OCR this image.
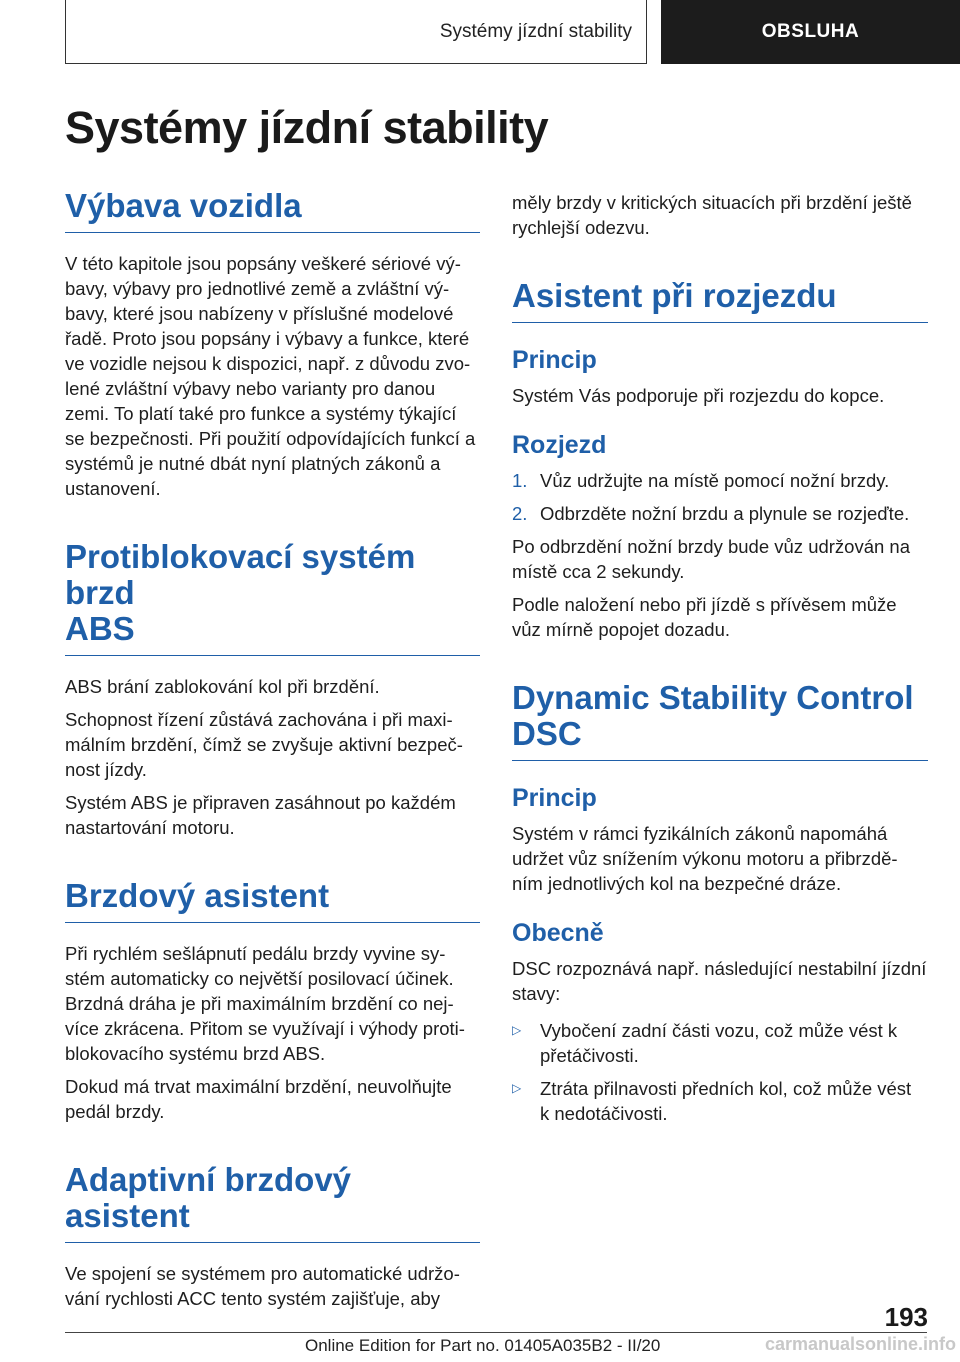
Systémy jízdní stability	OBSLUHA
Systémy jízdní stability
Výbava vozidla

V této kapitole jsou popsány veškeré sériové vý‐

bavy, výbavy pro jednotlivé země a zvláštní vý‐

bavy, které jsou nabízeny v příslušné modelové

řadě. Proto jsou popsány i výbavy a funkce, které

ve vozidle nejsou k dispozici, např. z důvodu zvo‐

lené zvláštní výbavy nebo varianty pro danou

zemi. To platí také pro funkce a systémy týkající

se bezpečnosti. Při použití odpovídajících funkcí a

systémů je nutné dbát nyní platných zákonů a

ustanovení.

Protiblokovací systém brzd
ABS

ABS brání zablokování kol při brzdění.

Schopnost řízení zůstává zachována i při maxi‐

málním brzdění, čímž se zvyšuje aktivní bezpeč‐

nost jízdy.

Systém ABS je připraven zasáhnout po každém

nastartování motoru.

Brzdový asistent

Při rychlém sešlápnutí pedálu brzdy vyvine sy‐

stém automaticky co největší posilovací účinek.

Brzdná dráha je při maximálním brzdění co nej‐

více zkrácena. Přitom se využívají i výhody proti‐

blokovacího systému brzd ABS.

Dokud má trvat maximální brzdění, neuvolňujte

pedál brzdy.

Adaptivní brzdový asistent

Ve spojení se systémem pro automatické udržo‐

vání rychlosti ACC tento systém zajišťuje, aby

měly brzdy v kritických situacích při brzdění ještě

rychlejší odezvu.

Asistent při rozjezdu
Princip

Systém Vás podporuje při rozjezdu do kopce.

Rozjezd
1. Vůz udržujte na místě pomocí nožní brzdy.
2. Odbrzděte nožní brzdu a plynule se rozjeďte.

Po odbrzdění nožní brzdy bude vůz udržován na

místě cca 2 sekundy.

Podle naložení nebo při jízdě s přívěsem může

vůz mírně popojet dozadu.

Dynamic Stability Control
DSC
Princip

Systém v rámci fyzikálních zákonů napomáhá

udržet vůz snížením výkonu motoru a přibrzdě‐

ním jednotlivých kol na bezpečné dráze.

Obecně

DSC rozpoznává např. následující nestabilní jízdní

stavy:

▷	Vybočení zadní části vozu, což může vést k
přetáčivosti.
▷	Ztráta přilnavosti předních kol, což může vést
k nedotáčivosti.
193
Online Edition for Part no. 01405A035B2 - II/20	carmanualsonline.info
